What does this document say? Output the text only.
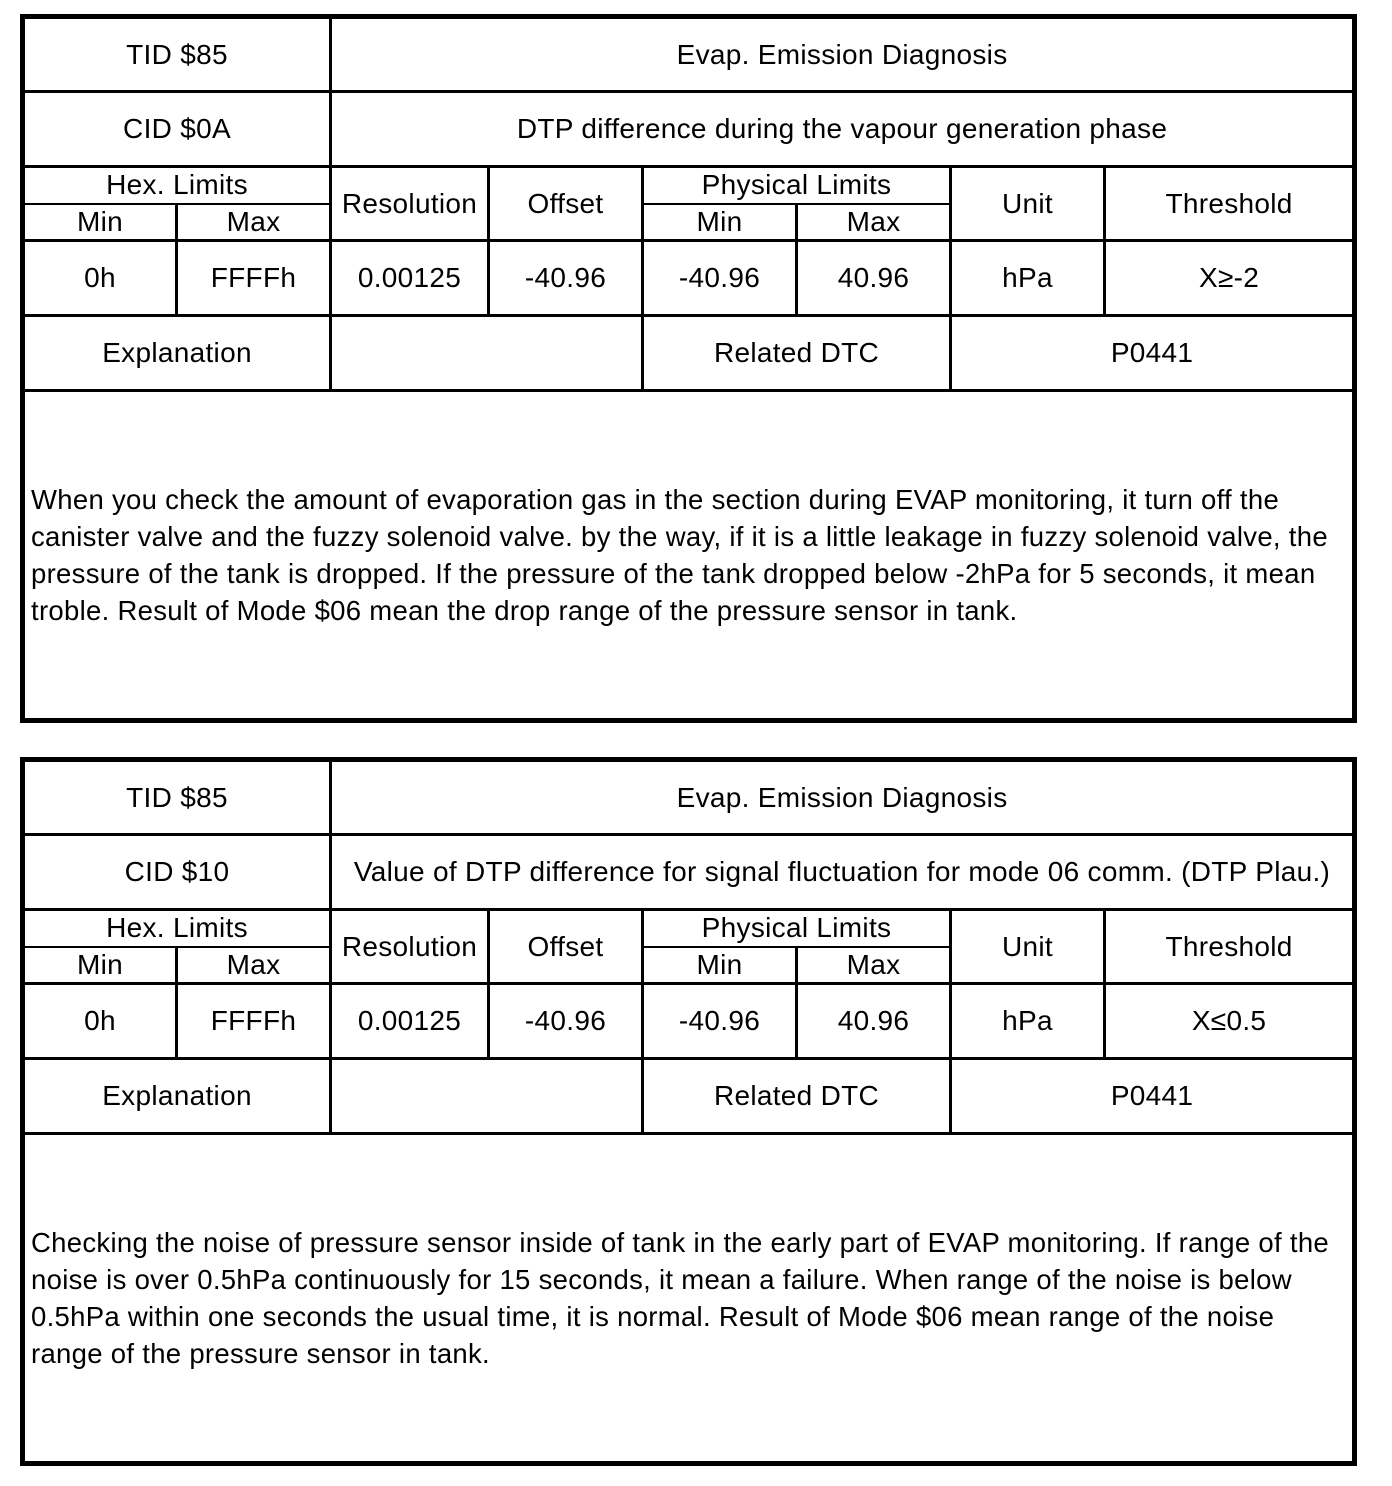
TID $85		Evap. Emission Diagnosis					
CID $0A		DTP difference during the vapour generation phase					
Hex. Limits		Resolution	Offset	Physical Limits		Unit	Threshold
Min	Max			Min	Max		
0h	FFFFh	0.00125	-40.96	-40.96	40.96	hPa	X≥-2
Explanation				Related DTC		P0441	
When you check the amount of evaporation gas in the section during EVAP monitoring, it turn off the canister valve and the fuzzy solenoid valve. by the way, if it is a little leakage in fuzzy solenoid valve, the pressure of the tank is dropped. If the pressure of the tank dropped below -2hPa for 5 seconds, it mean troble. Result of Mode $06 mean the drop range of the pressure sensor in tank.							
TID $85		Evap. Emission Diagnosis					
CID $10		Value of DTP difference for signal fluctuation for mode 06 comm. (DTP Plau.)					
Hex. Limits		Resolution	Offset	Physical Limits		Unit	Threshold
Min	Max			Min	Max		
0h	FFFFh	0.00125	-40.96	-40.96	40.96	hPa	X≤0.5
Explanation				Related DTC		P0441	
Checking the noise of pressure sensor inside of tank in the early part of EVAP monitoring. If range of the noise is over 0.5hPa continuously for 15 seconds, it mean a failure. When range of the noise is below 0.5hPa within one seconds the usual time, it is normal. Result of Mode $06 mean range of the noise range of the pressure sensor in tank.							
